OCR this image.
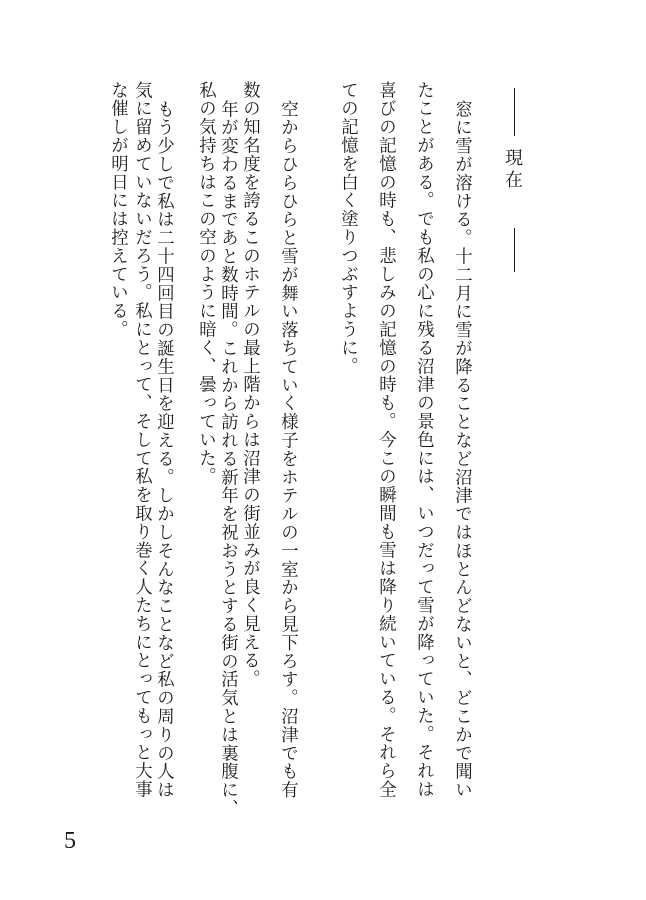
現在
窓に雪が溶ける。十二月に雪が降ることなど沼津ではほとんどないと、どこかで聞い
たことがある。でも私の心に残る沼津の景色には、いつだって雪が降っていた。それは
喜びの記憶の時も、悲しみの記憶の時も。今この瞬間も雪は降り続いている。それら全
ての記憶を白く塗りつぶすように。
空からひらひらと雪が舞い落ちていく様子をホテルの一室から見下ろす。沼津でも有
数の知名度を誇るこのホテルの最上階からは沼津の街並みが良く見える。
年が変わるまであと数時間。これから訪れる新年を祝おうとする街の活気とは裏腹に、
私の気持ちはこの空のように暗く、曇っていた。
もう少しで私は二十四回目の誕生日を迎える。しかしそんなことなど私の周りの人は
気に留めていないだろう。私にとって、そして私を取り巻く人たちにとってもっと大事
な催しが明日には控えている。
5
